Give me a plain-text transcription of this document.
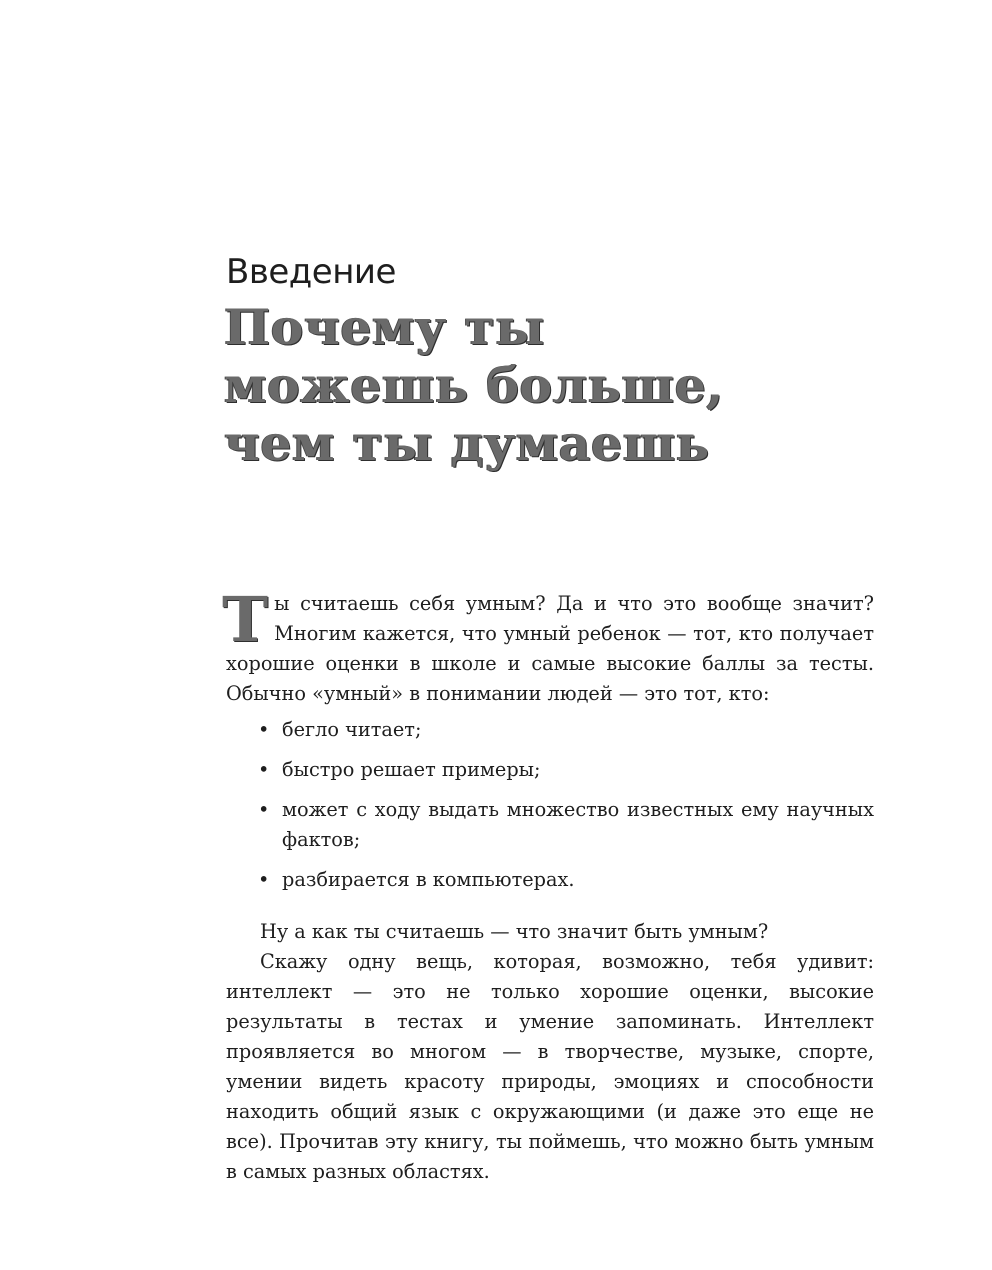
Введение
Почему ты
можешь больше,
чем ты думаешь

Ты считаешь себя умным? Да и что это вообще значит? Многим кажется, что умный ребенок — тот, кто получает хорошие оценки в школе и самые высокие баллы за тесты. Обычно «умный» в понимании людей — это тот, кто:

• бегло читает;
• быстро решает примеры;
• может с ходу выдать множество известных ему научных фактов;
• разбирается в компьютерах.

Ну а как ты считаешь — что значит быть умным?

Скажу одну вещь, которая, возможно, тебя удивит: интеллект — это не только хорошие оценки, высокие результаты в тестах и умение запоминать. Интеллект проявляется во многом — в творчестве, музыке, спорте, умении видеть красоту природы, эмоциях и способности находить общий язык с окружающими (и даже это еще не все). Прочитав эту книгу, ты поймешь, что можно быть умным в самых разных областях.
